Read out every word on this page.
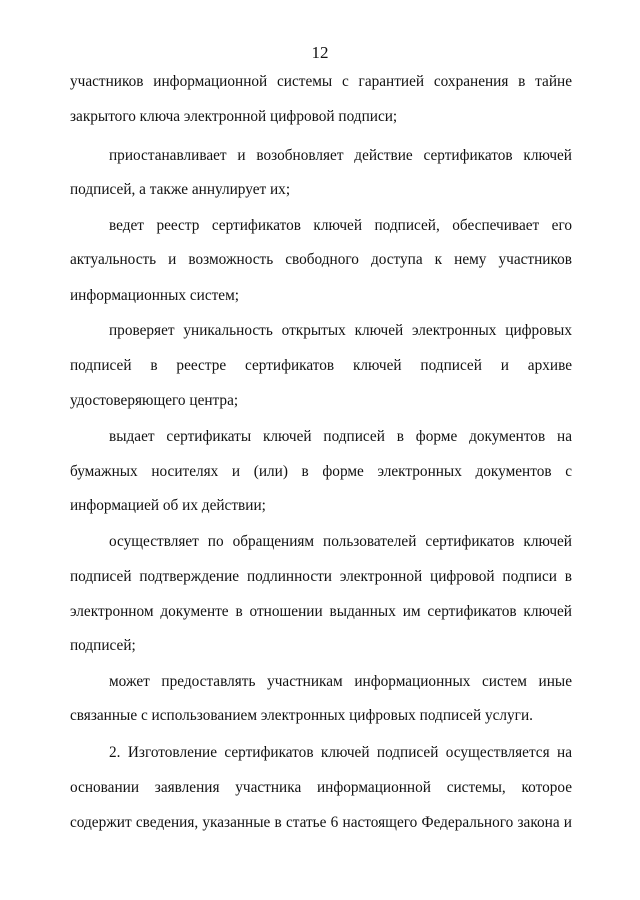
12
участников информационной системы с гарантией сохранения в тайне
закрытого ключа электронной цифровой подписи;
приостанавливает и возобновляет действие сертификатов ключей
подписей, а также аннулирует их;
ведет реестр сертификатов ключей подписей, обеспечивает его
актуальность и возможность свободного доступа к нему участников
информационных систем;
проверяет уникальность открытых ключей электронных цифровых
подписей в реестре сертификатов ключей подписей и архиве
удостоверяющего центра;
выдает сертификаты ключей подписей в форме документов на
бумажных носителях и (или) в форме электронных документов с
информацией об их действии;
осуществляет по обращениям пользователей сертификатов ключей
подписей подтверждение подлинности электронной цифровой подписи в
электронном документе в отношении выданных им сертификатов ключей
подписей;
может предоставлять участникам информационных систем иные
связанные с использованием электронных цифровых подписей услуги.
2. Изготовление сертификатов ключей подписей осуществляется на
основании заявления участника информационной системы, которое
содержит сведения, указанные в статье 6 настоящего Федерального закона и
